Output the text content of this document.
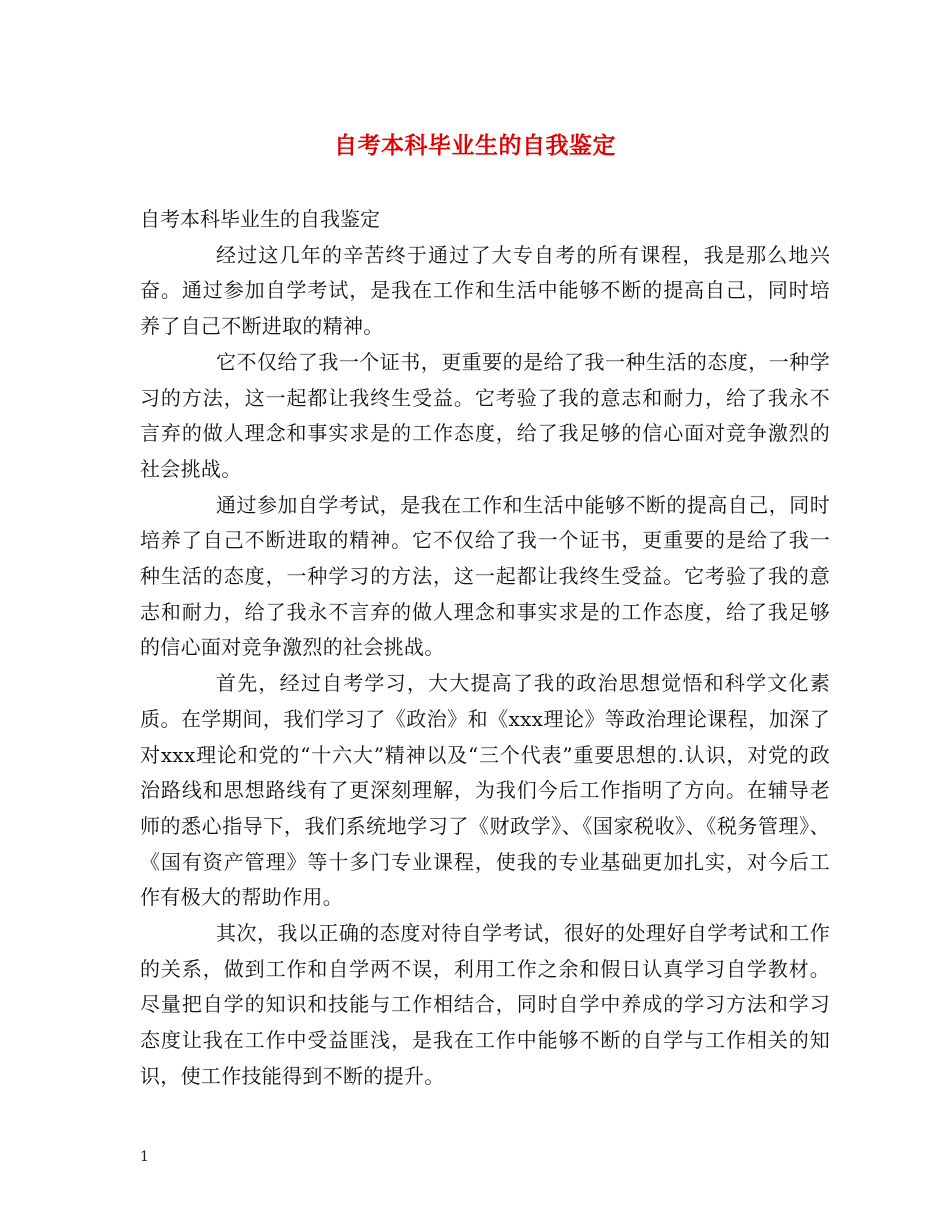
自考本科毕业生的自我鉴定

自考本科毕业生的自我鉴定

经过这几年的辛苦终于通过了大专自考的所有课程，我是那么地兴奋。通过参加自学考试，是我在工作和生活中能够不断的提高自己，同时培养了自己不断进取的精神。

它不仅给了我一个证书，更重要的是给了我一种生活的态度，一种学习的方法，这一起都让我终生受益。它考验了我的意志和耐力，给了我永不言弃的做人理念和事实求是的工作态度，给了我足够的信心面对竞争激烈的社会挑战。

通过参加自学考试，是我在工作和生活中能够不断的提高自己，同时培养了自己不断进取的精神。它不仅给了我一个证书，更重要的是给了我一种生活的态度，一种学习的方法，这一起都让我终生受益。它考验了我的意志和耐力，给了我永不言弃的做人理念和事实求是的工作态度，给了我足够的信心面对竞争激烈的社会挑战。

首先，经过自考学习，大大提高了我的政治思想觉悟和科学文化素质。在学期间，我们学习了《政治》和《xxx理论》等政治理论课程，加深了对xxx理论和党的“十六大”精神以及“三个代表”重要思想的.认识，对党的政治路线和思想路线有了更深刻理解，为我们今后工作指明了方向。在辅导老师的悉心指导下，我们系统地学习了《财政学》、《国家税收》、《税务管理》、《国有资产管理》等十多门专业课程，使我的专业基础更加扎实，对今后工作有极大的帮助作用。

其次，我以正确的态度对待自学考试，很好的处理好自学考试和工作的关系，做到工作和自学两不误，利用工作之余和假日认真学习自学教材。尽量把自学的知识和技能与工作相结合，同时自学中养成的学习方法和学习态度让我在工作中受益匪浅，是我在工作中能够不断的自学与工作相关的知识，使工作技能得到不断的提升。

1
